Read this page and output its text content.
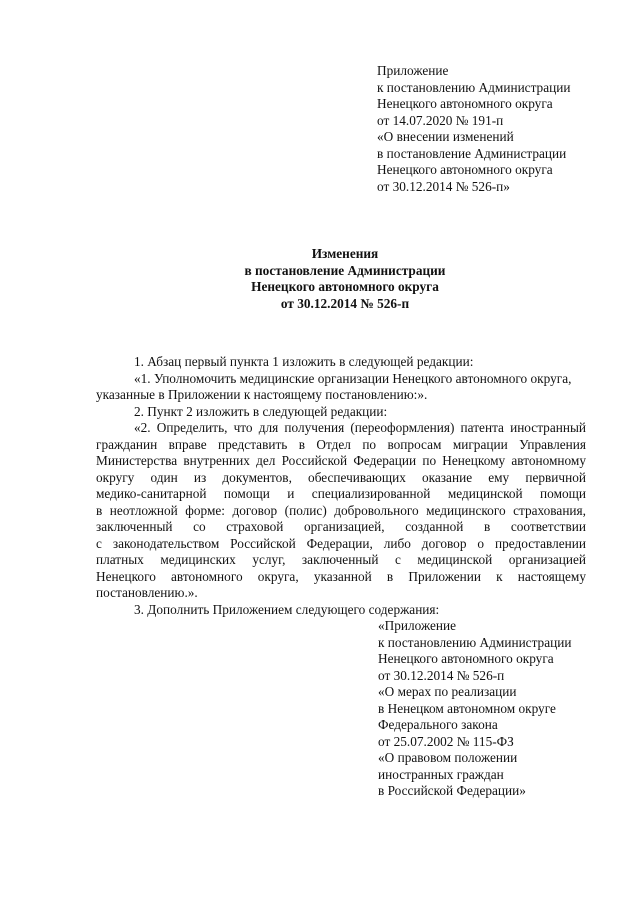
Приложение
к постановлению Администрации
Ненецкого автономного округа
от 14.07.2020 № 191-п
«О внесении изменений
в постановление Администрации
Ненецкого автономного округа
от 30.12.2014 № 526-п»
Изменения
в постановление Администрации
Ненецкого автономного округа
от 30.12.2014 № 526-п
1. Абзац первый пункта 1 изложить в следующей редакции:
«1. Уполномочить медицинские организации Ненецкого автономного округа,
указанные в Приложении к настоящему постановлению:».
2. Пункт 2 изложить в следующей редакции:
«2. Определить, что для получения (переоформления) патента иностранный
гражданин вправе представить в Отдел по вопросам миграции Управления
Министерства внутренних дел Российской Федерации по Ненецкому автономному
округу один из документов, обеспечивающих оказание ему первичной
медико-санитарной помощи и специализированной медицинской помощи
в неотложной форме: договор (полис) добровольного медицинского страхования,
заключенный со страховой организацией, созданной в соответствии
с законодательством Российской Федерации, либо договор о предоставлении
платных медицинских услуг, заключенный с медицинской организацией
Ненецкого автономного округа, указанной в Приложении к настоящему
постановлению.».
3. Дополнить Приложением следующего содержания:
«Приложение
к постановлению Администрации
Ненецкого автономного округа
от 30.12.2014 № 526-п
«О мерах по реализации
в Ненецком автономном округе
Федерального закона
от 25.07.2002 № 115-ФЗ
«О правовом положении
иностранных граждан
в Российской Федерации»
